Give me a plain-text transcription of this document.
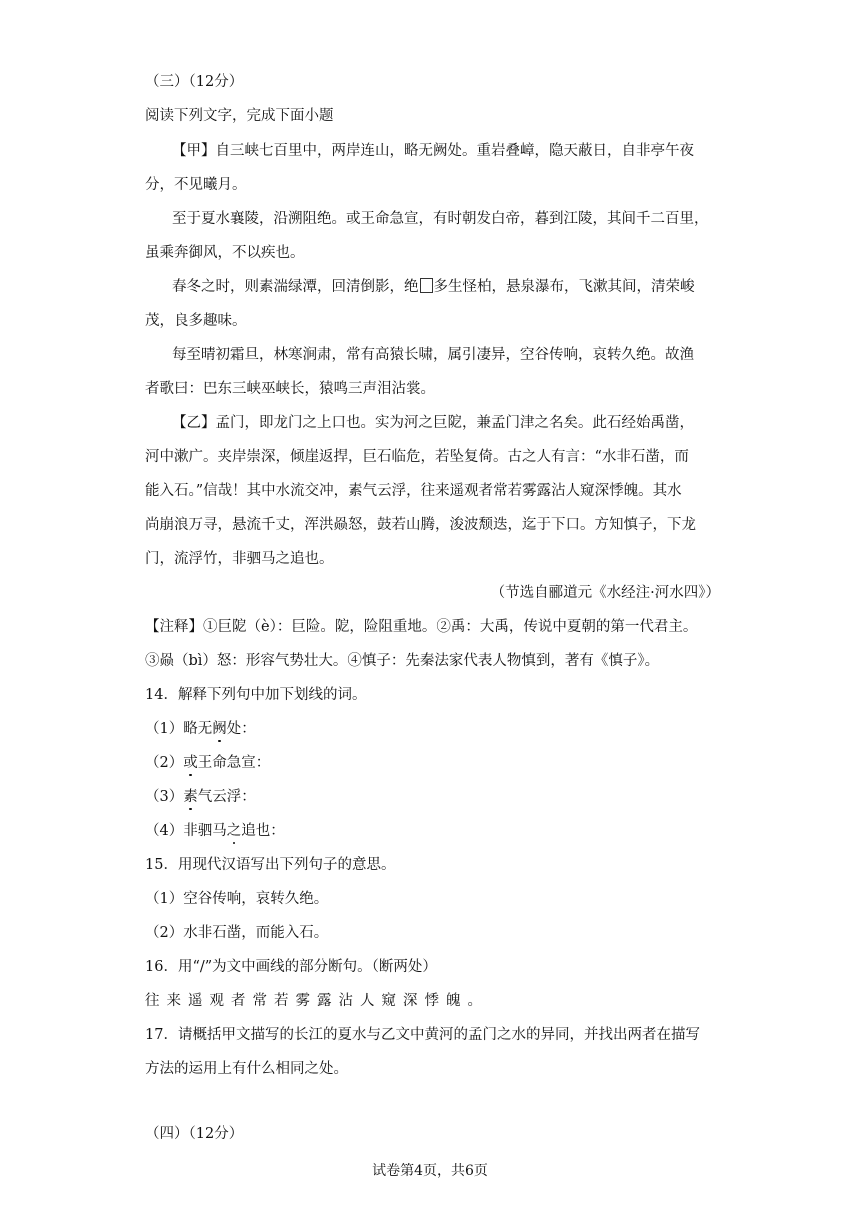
（三）（12分）
阅读下列文字，完成下面小题
【甲】自三峡七百里中，两岸连山，略无阙处。重岩叠嶂，隐天蔽日，自非亭午夜
分，不见曦月。
至于夏水襄陵，沿溯阻绝。或王命急宣，有时朝发白帝，暮到江陵，其间千二百里，
虽乘奔御风，不以疾也。
春冬之时，则素湍绿潭，回清倒影，绝 多生怪柏，悬泉瀑布，飞漱其间，清荣峻
茂，良多趣味。
每至晴初霜旦，林寒涧肃，常有高猿长啸，属引凄异，空谷传响，哀转久绝。故渔
者歌曰：巴东三峡巫峡长，猿鸣三声泪沾裳。
【乙】孟门，即龙门之上口也。实为河之巨阸，兼孟门津之名矣。此石经始禹凿，
河中漱广。夹岸崇深，倾崖返捍，巨石临危，若坠复倚。古之人有言：“水非石凿，而
能入石。”信哉！其中水流交冲，素气云浮，往来遥观者常若雾露沾人窥深悸魄。其水
尚崩浪万寻，悬流千丈，浑洪赑怒，鼓若山腾，浚波颓迭，迄于下口。方知慎子，下龙
门，流浮竹，非驷马之追也。
（节选自郦道元《水经注·河水四》）
【注释】①巨阸（è）：巨险。阸，险阻重地。②禹：大禹，传说中夏朝的第一代君主。
③赑（bì）怒：形容气势壮大。④慎子：先秦法家代表人物慎到，著有《慎子》。
14．解释下列句中加下划线的词。
（1）略无阙处：
（2）或王命急宣：
（3）素气云浮：
（4）非驷马之追也：
15．用现代汉语写出下列句子的意思。
（1）空谷传响，哀转久绝。
（2）水非石凿，而能入石。
16．用“/”为文中画线的部分断句。（断两处）
往来遥观者常若雾露沾人窥深悸魄。
17．请概括甲文描写的长江的夏水与乙文中黄河的孟门之水的异同，并找出两者在描写
方法的运用上有什么相同之处。
（四）（12分）
试卷第4页，共6页
